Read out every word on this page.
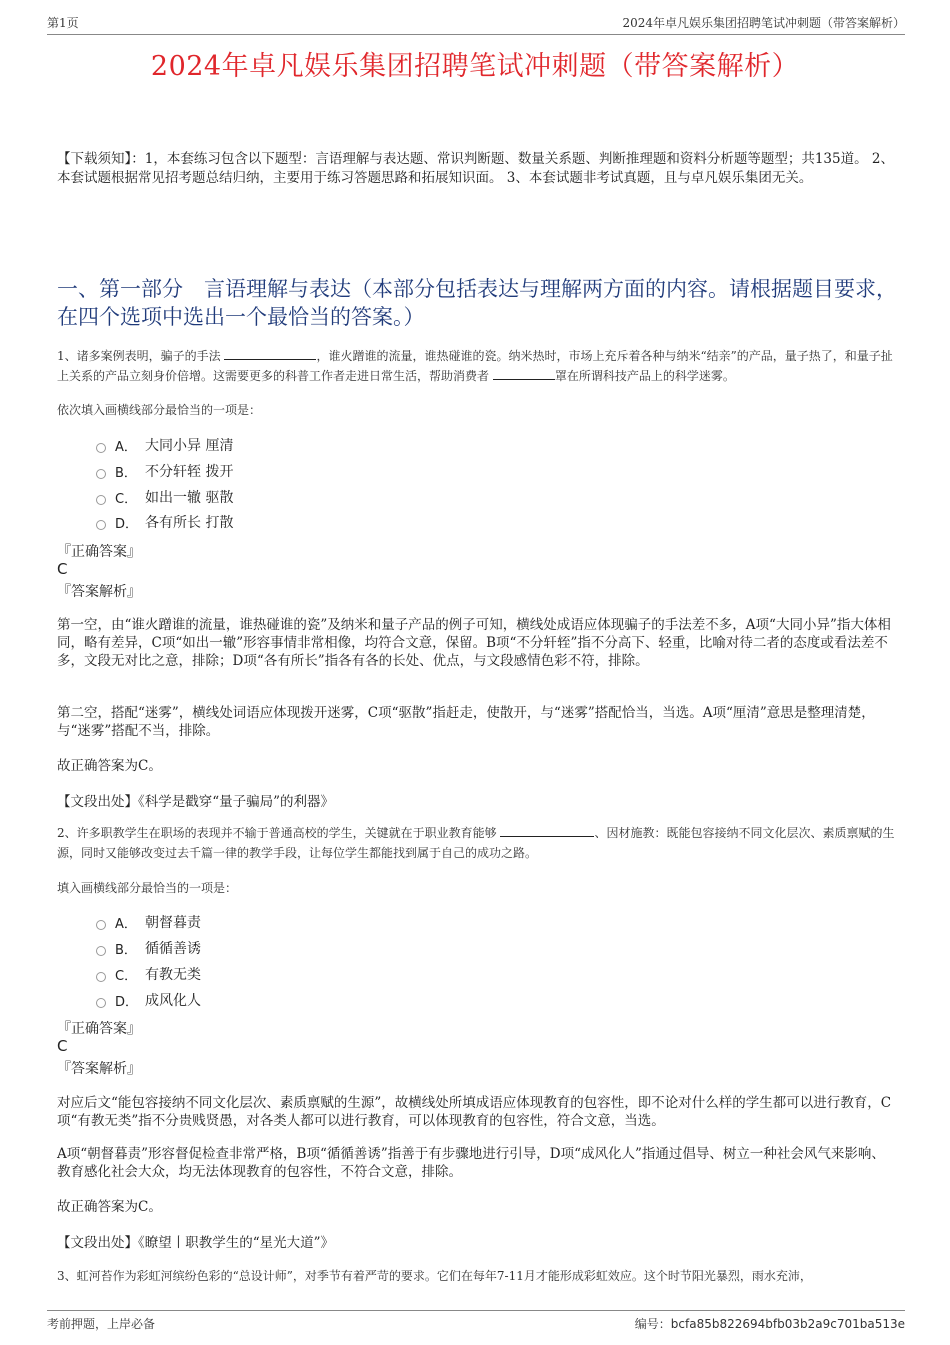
第1页	2024年卓凡娱乐集团招聘笔试冲刺题（带答案解析）
2024年卓凡娱乐集团招聘笔试冲刺题（带答案解析）
【下载须知】：1，本套练习包含以下题型：言语理解与表达题、常识判断题、数量关系题、判断推理题和资料分析题等题型；共135道。 2、本套试题根据常见招考题总结归纳，主要用于练习答题思路和拓展知识面。 3、本套试题非考试真题，且与卓凡娱乐集团无关。
一、第一部分　言语理解与表达（本部分包括表达与理解两方面的内容。请根据题目要求，在四个选项中选出一个最恰当的答案。）
1、诸多案例表明，骗子的手法	，谁火蹭谁的流量，谁热碰谁的瓷。纳米热时，市场上充斥着各种与纳米“结亲”的产品，量子热了，和量子扯上关系的产品立刻身价倍增。这需要更多的科普工作者走进日常生活，帮助消费者	罩在所谓科技产品上的科学迷雾。
依次填入画横线部分最恰当的一项是：
A． 大同小异 厘清
B． 不分轩轾 拨开
C． 如出一辙 驱散
D． 各有所长 打散
『正确答案』
C
『答案解析』
第一空，由“谁火蹭谁的流量，谁热碰谁的瓷”及纳米和量子产品的例子可知，横线处成语应体现骗子的手法差不多，A项“大同小异”指大体相同，略有差异，C项“如出一辙”形容事情非常相像，均符合文意，保留。B项“不分轩轾”指不分高下、轻重，比喻对待二者的态度或看法差不多，文段无对比之意，排除；D项“各有所长”指各有各的长处、优点，与文段感情色彩不符，排除。
第二空，搭配“迷雾”，横线处词语应体现拨开迷雾，C项“驱散”指赶走，使散开，与“迷雾”搭配恰当，当选。A项“厘清”意思是整理清楚，与“迷雾”搭配不当，排除。
故正确答案为C。
【文段出处】《科学是戳穿“量子骗局”的利器》
2、许多职教学生在职场的表现并不输于普通高校的学生，关键就在于职业教育能够	、因材施教：既能包容接纳不同文化层次、素质禀赋的生源，同时又能够改变过去千篇一律的教学手段，让每位学生都能找到属于自己的成功之路。
填入画横线部分最恰当的一项是：
A． 朝督暮责
B． 循循善诱
C． 有教无类
D． 成风化人
『正确答案』
C
『答案解析』
对应后文“能包容接纳不同文化层次、素质禀赋的生源”，故横线处所填成语应体现教育的包容性，即不论对什么样的学生都可以进行教育，C项“有教无类”指不分贵贱贤愚，对各类人都可以进行教育，可以体现教育的包容性，符合文意，当选。
A项“朝督暮责”形容督促检查非常严格，B项“循循善诱”指善于有步骤地进行引导，D项“成风化人”指通过倡导、树立一种社会风气来影响、教育感化社会大众，均无法体现教育的包容性，不符合文意，排除。
故正确答案为C。
【文段出处】《瞭望丨职教学生的“星光大道”》
3、虹河苔作为彩虹河缤纷色彩的“总设计师”，对季节有着严苛的要求。它们在每年7-11月才能形成彩虹效应。这个时节阳光暴烈，雨水充沛，
考前押题，上岸必备	编号：bcfa85b822694bfb03b2a9c701ba513e
